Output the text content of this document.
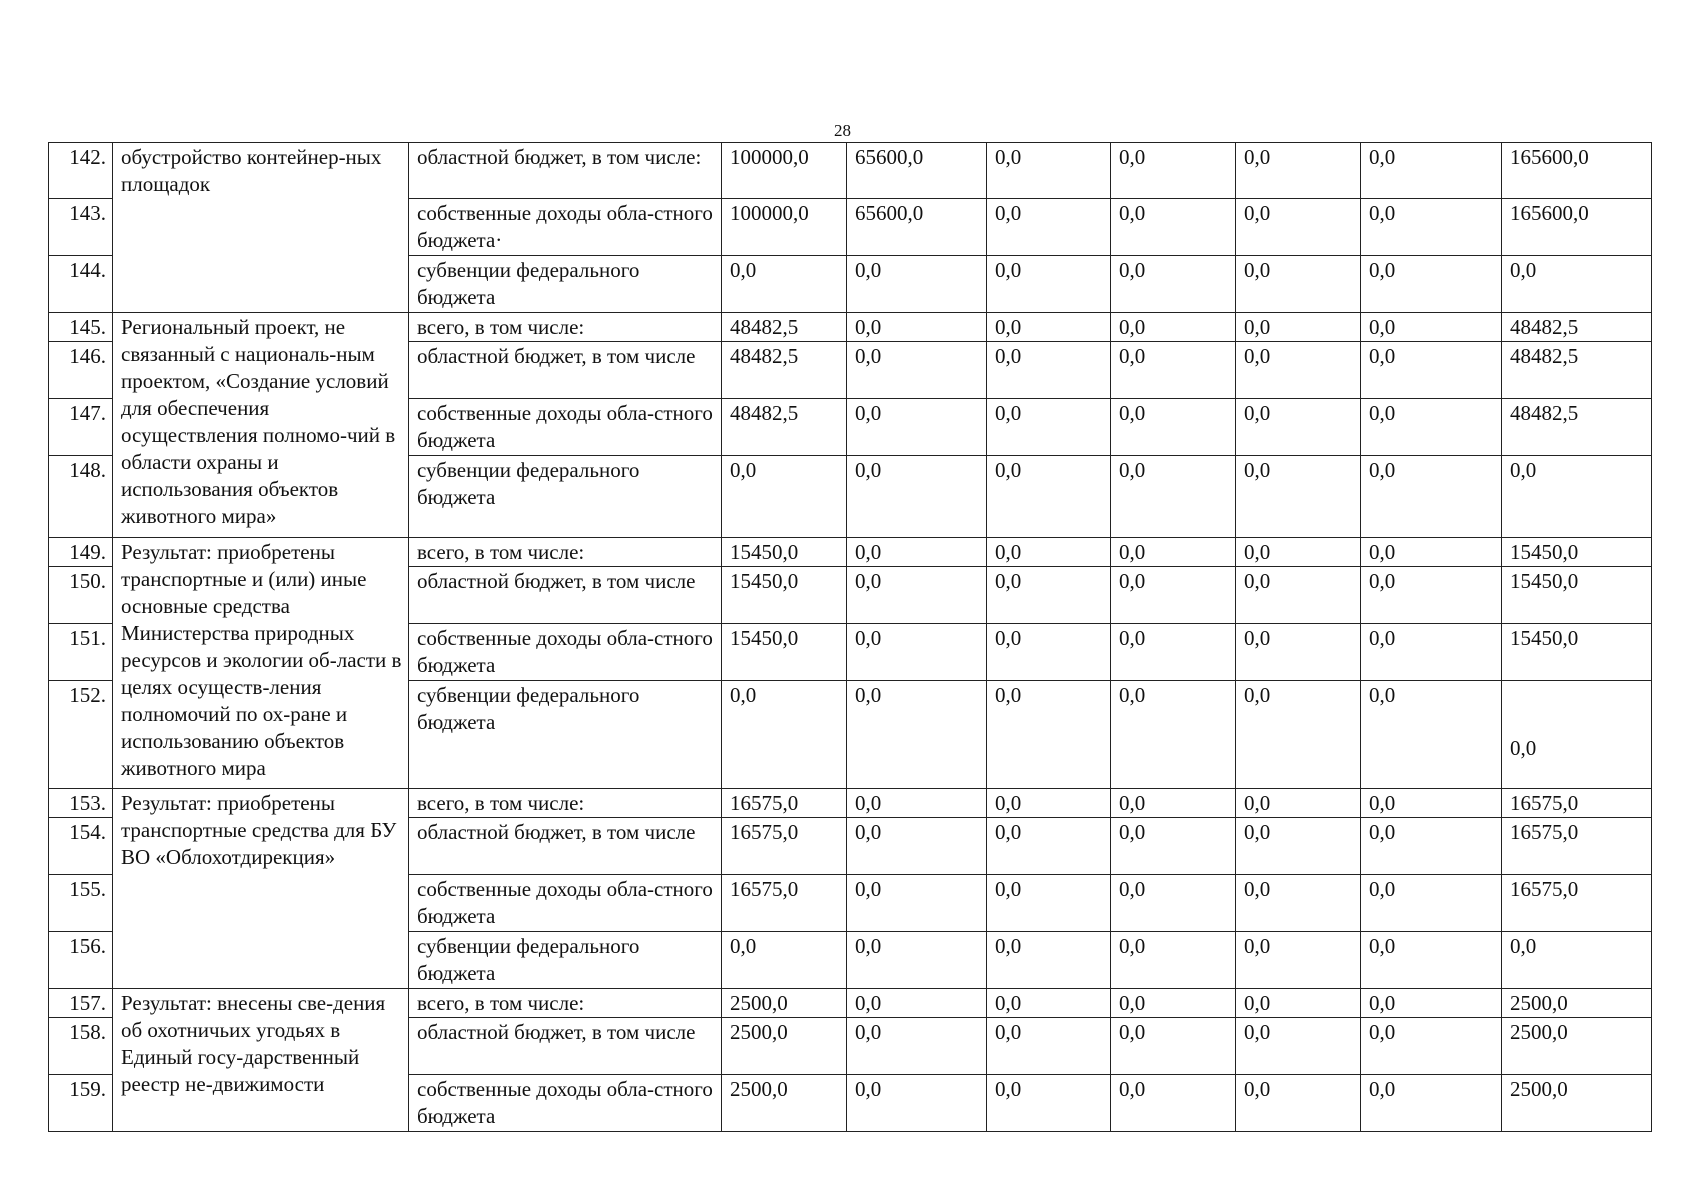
28
142.	обустройство контейнер-ных площадок	областной бюджет, в том числе:	100000,0	65600,0	0,0	0,0	0,0	0,0	165600,0
143.		собственные доходы обла-стного бюджета·	100000,0	65600,0	0,0	0,0	0,0	0,0	165600,0
144.		субвенции федерального бюджета	0,0	0,0	0,0	0,0	0,0	0,0	0,0
145.	Региональный проект, не связанный с националь-ным проектом, «Создание условий для обеспечения осуществления полномо-чий в области охраны и использования объектов животного мира»	всего, в том числе:	48482,5	0,0	0,0	0,0	0,0	0,0	48482,5
146.		областной бюджет, в том числе	48482,5	0,0	0,0	0,0	0,0	0,0	48482,5
147.		собственные доходы обла-стного бюджета	48482,5	0,0	0,0	0,0	0,0	0,0	48482,5
148.		субвенции федерального бюджета	0,0	0,0	0,0	0,0	0,0	0,0	0,0
149.	Результат: приобретены транспортные и (или) иные основные средства Министерства природных ресурсов и экологии об-ласти в целях осуществ-ления полномочий по ох-ране и использованию объектов животного мира	всего, в том числе:	15450,0	0,0	0,0	0,0	0,0	0,0	15450,0
150.		областной бюджет, в том числе	15450,0	0,0	0,0	0,0	0,0	0,0	15450,0
151.		собственные доходы обла-стного бюджета	15450,0	0,0	0,0	0,0	0,0	0,0	15450,0
152.		субвенции федерального бюджета	0,0	0,0	0,0	0,0	0,0	0,0	0,0
153.	Результат: приобретены транспортные средства для БУ ВО «Облохотдирекция»	всего, в том числе:	16575,0	0,0	0,0	0,0	0,0	0,0	16575,0
154.		областной бюджет, в том числе	16575,0	0,0	0,0	0,0	0,0	0,0	16575,0
155.		собственные доходы обла-стного бюджета	16575,0	0,0	0,0	0,0	0,0	0,0	16575,0
156.		субвенции федерального бюджета	0,0	0,0	0,0	0,0	0,0	0,0	0,0
157.	Результат: внесены све-дения об охотничьих угодьях в Единый госу-дарственный реестр не-движимости	всего, в том числе:	2500,0	0,0	0,0	0,0	0,0	0,0	2500,0
158.		областной бюджет, в том числе	2500,0	0,0	0,0	0,0	0,0	0,0	2500,0
159.		собственные доходы обла-стного бюджета	2500,0	0,0	0,0	0,0	0,0	0,0	2500,0
